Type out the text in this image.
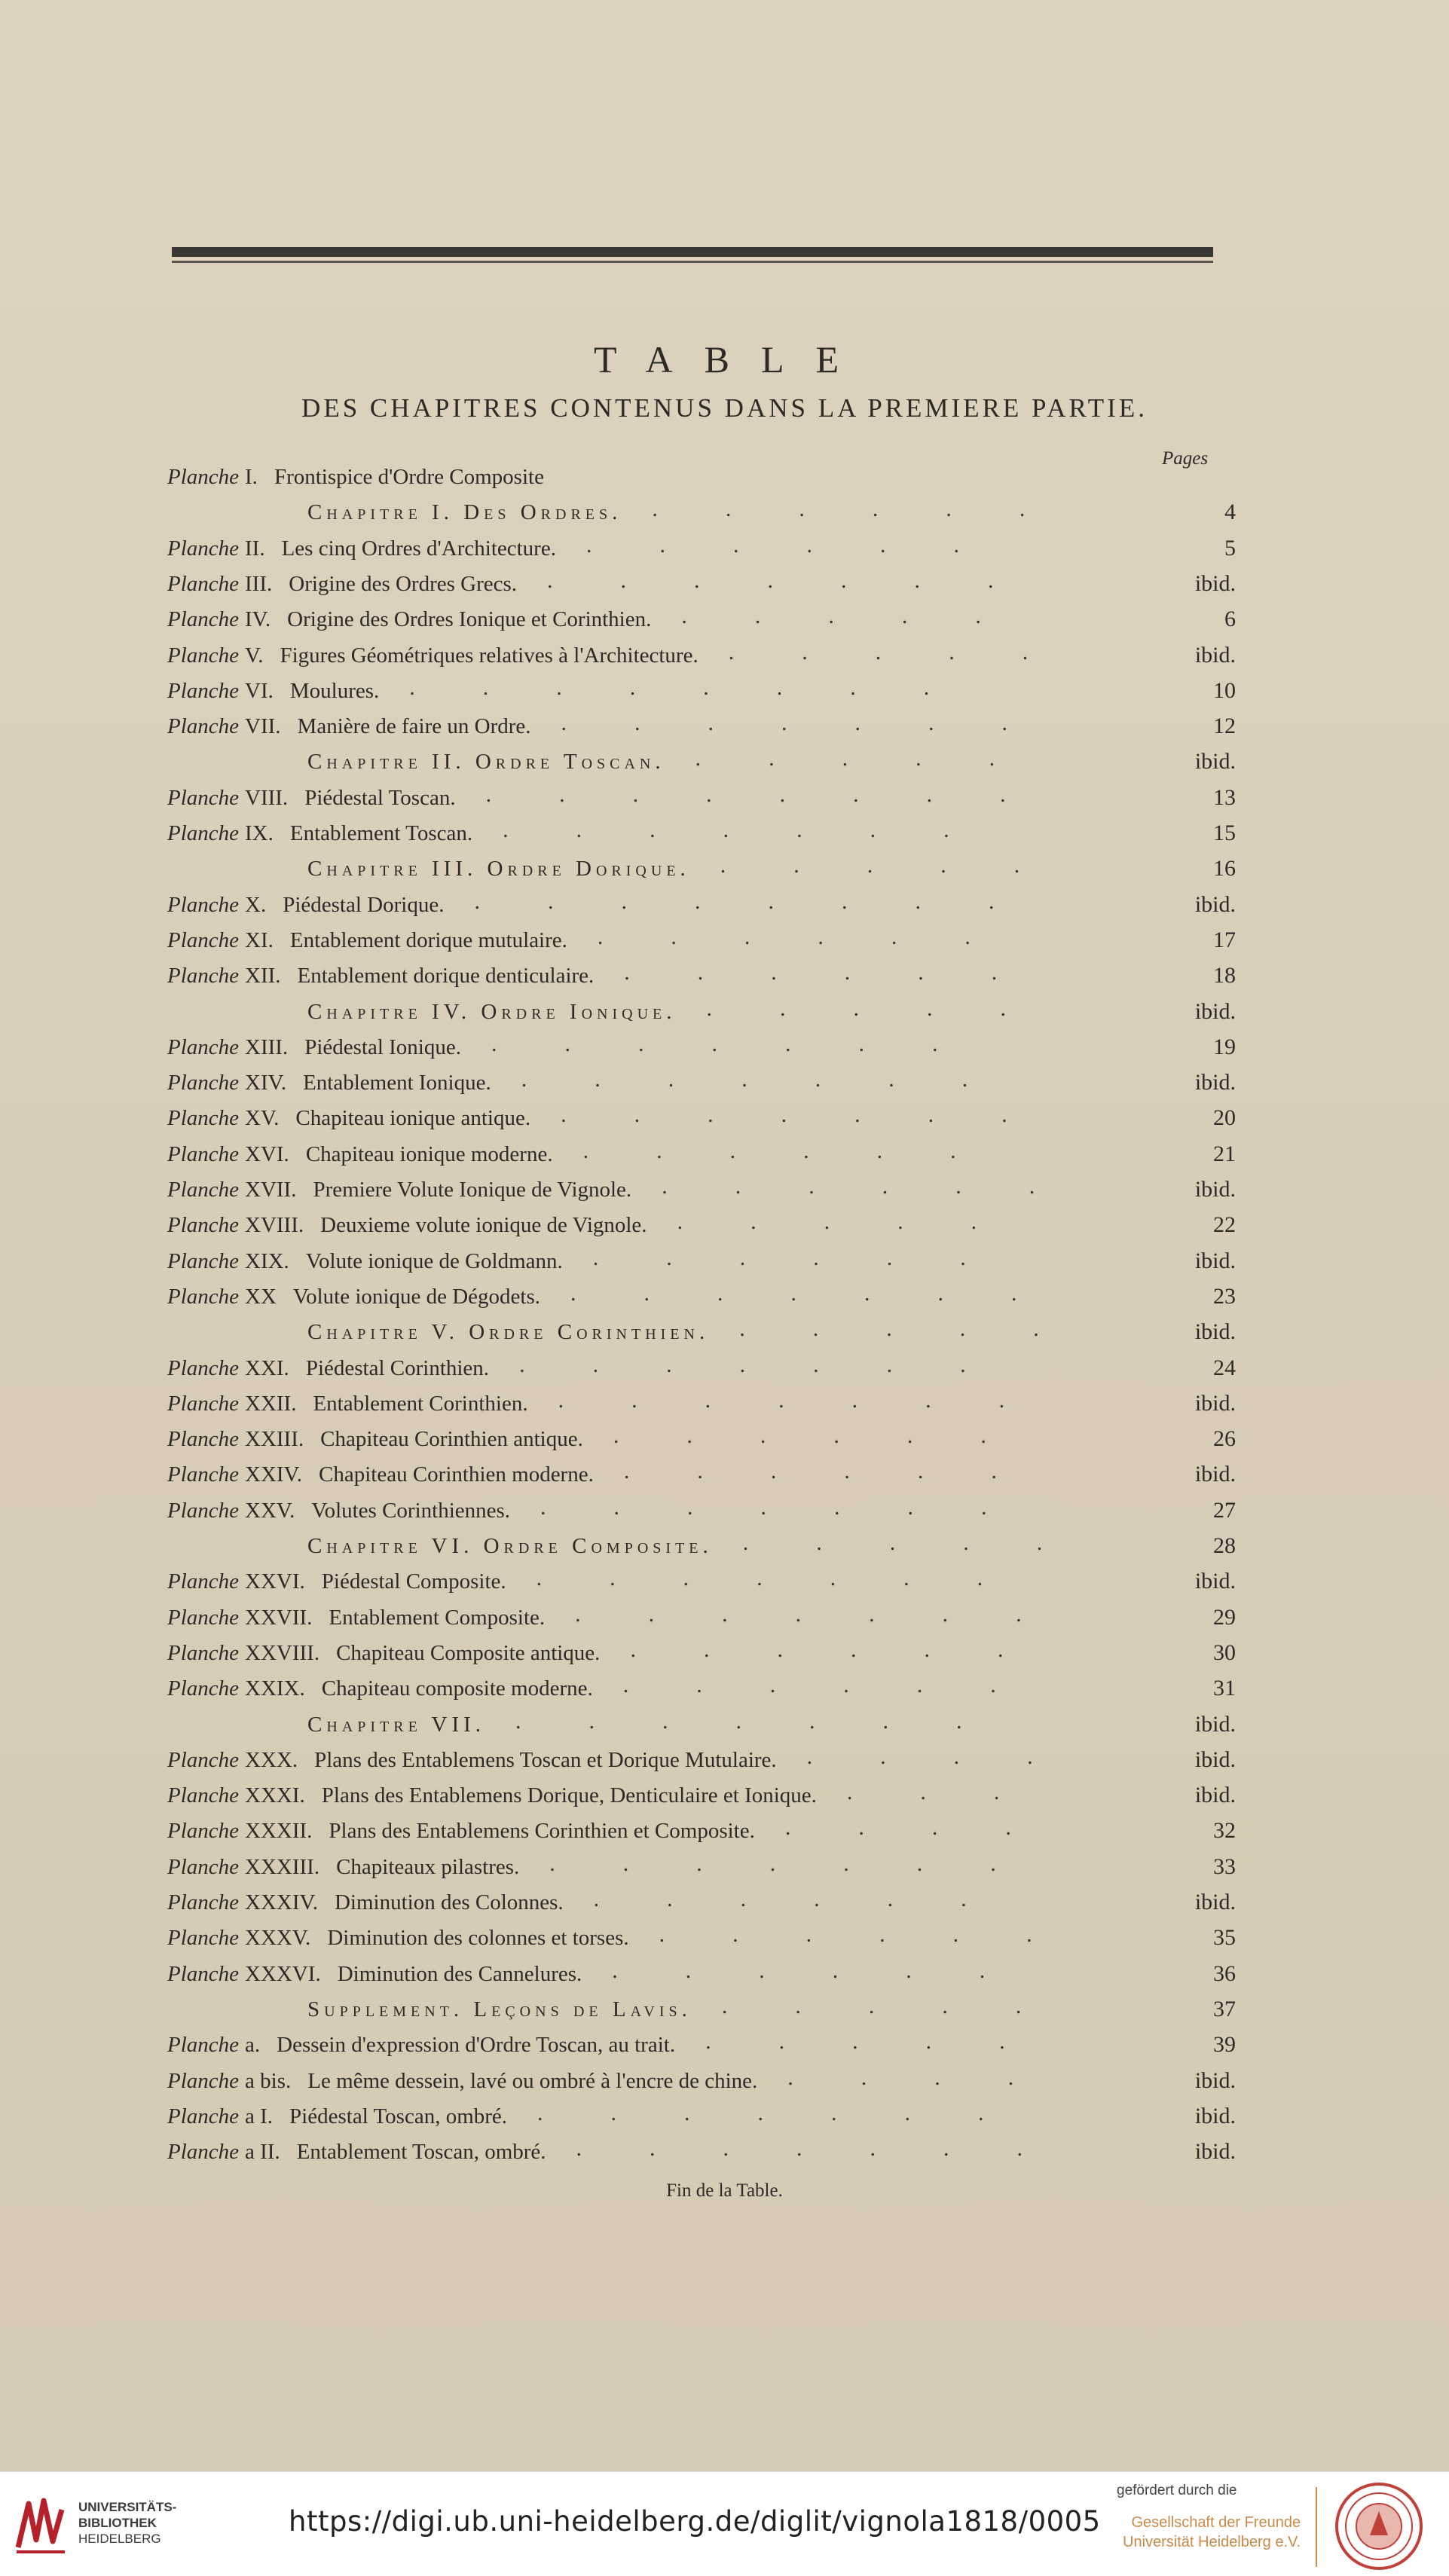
TABLE
DES CHAPITRES CONTENUS DANS LA PREMIERE PARTIE.
Pages
Planche I. Frontispice d'Ordre Composite
Chapitre I. Des Ordres.	4
Planche II. Les cinq Ordres d'Architecture.	5
Planche III. Origine des Ordres Grecs.	ibid.
Planche IV. Origine des Ordres Ionique et Corinthien.	6
Planche V. Figures Géométriques relatives à l'Architecture.	ibid.
Planche VI. Moulures.	10
Planche VII. Manière de faire un Ordre.	12
Chapitre II. Ordre Toscan.	ibid.
Planche VIII. Piédestal Toscan.	13
Planche IX. Entablement Toscan.	15
Chapitre III. Ordre Dorique.	16
Planche X. Piédestal Dorique.	ibid.
Planche XI. Entablement dorique mutulaire.	17
Planche XII. Entablement dorique denticulaire.	18
Chapitre IV. Ordre Ionique.	ibid.
Planche XIII. Piédestal Ionique.	19
Planche XIV. Entablement Ionique.	ibid.
Planche XV. Chapiteau ionique antique.	20
Planche XVI. Chapiteau ionique moderne.	21
Planche XVII. Premiere Volute Ionique de Vignole.	ibid.
Planche XVIII. Deuxieme volute ionique de Vignole.	22
Planche XIX. Volute ionique de Goldmann.	ibid.
Planche XX Volute ionique de Dégodets.	23
Chapitre V. Ordre Corinthien.	ibid.
Planche XXI. Piédestal Corinthien.	24
Planche XXII. Entablement Corinthien.	ibid.
Planche XXIII. Chapiteau Corinthien antique.	26
Planche XXIV. Chapiteau Corinthien moderne.	ibid.
Planche XXV. Volutes Corinthiennes.	27
Chapitre VI. Ordre Composite.	28
Planche XXVI. Piédestal Composite.	ibid.
Planche XXVII. Entablement Composite.	29
Planche XXVIII. Chapiteau Composite antique.	30
Planche XXIX. Chapiteau composite moderne.	31
Chapitre VII.	ibid.
Planche XXX. Plans des Entablemens Toscan et Dorique Mutulaire.	ibid.
Planche XXXI. Plans des Entablemens Dorique, Denticulaire et Ionique.	ibid.
Planche XXXII. Plans des Entablemens Corinthien et Composite.	32
Planche XXXIII. Chapiteaux pilastres.	33
Planche XXXIV. Diminution des Colonnes.	ibid.
Planche XXXV. Diminution des colonnes et torses.	35
Planche XXXVI. Diminution des Cannelures.	36
Supplement. Leçons de Lavis.	37
Planche a. Dessein d'expression d'Ordre Toscan, au trait.	39
Planche a bis. Le même dessein, lavé ou ombré à l'encre de chine.	ibid.
Planche a I. Piédestal Toscan, ombré.	ibid.
Planche a II. Entablement Toscan, ombré.	ibid.
.   .   .   .   .   .
.   .   .   .   .   .
.   .   .   .   .   .   .
.   .   .   .   .
.   .   .   .   .
.   .   .   .   .   .   .   .
.   .   .   .   .   .   .
.   .   .   .   .
.   .   .   .   .   .   .   .
.   .   .   .   .   .   .
.   .   .   .   .
.   .   .   .   .   .   .   .
.   .   .   .   .   .
.   .   .   .   .   .
.   .   .   .   .
.   .   .   .   .   .   .
.   .   .   .   .   .   .
.   .   .   .   .   .   .
.   .   .   .   .   .
.   .   .   .   .   .
.   .   .   .   .
.   .   .   .   .   .
.   .   .   .   .   .   .
.   .   .   .   .
.   .   .   .   .   .   .
.   .   .   .   .   .   .
.   .   .   .   .   .
.   .   .   .   .   .
.   .   .   .   .   .   .
.   .   .   .   .
.   .   .   .   .   .   .
.   .   .   .   .   .   .
.   .   .   .   .   .
.   .   .   .   .   .
.   .   .   .   .   .   .
.   .   .   .
.   .   .
.   .   .   .
.   .   .   .   .   .   .
.   .   .   .   .   .
.   .   .   .   .   .
.   .   .   .   .   .
.   .   .   .   .
.   .   .   .   .
.   .   .   .
.   .   .   .   .   .   .
.   .   .   .   .   .   .
Fin de la Table.
UNIVERSITÄTS-
BIBLIOTHEK
HEIDELBERG
https://digi.ub.uni-heidelberg.de/diglit/vignola1818/0005
gefördert durch die
Gesellschaft der Freunde
Universität Heidelberg e.V.
